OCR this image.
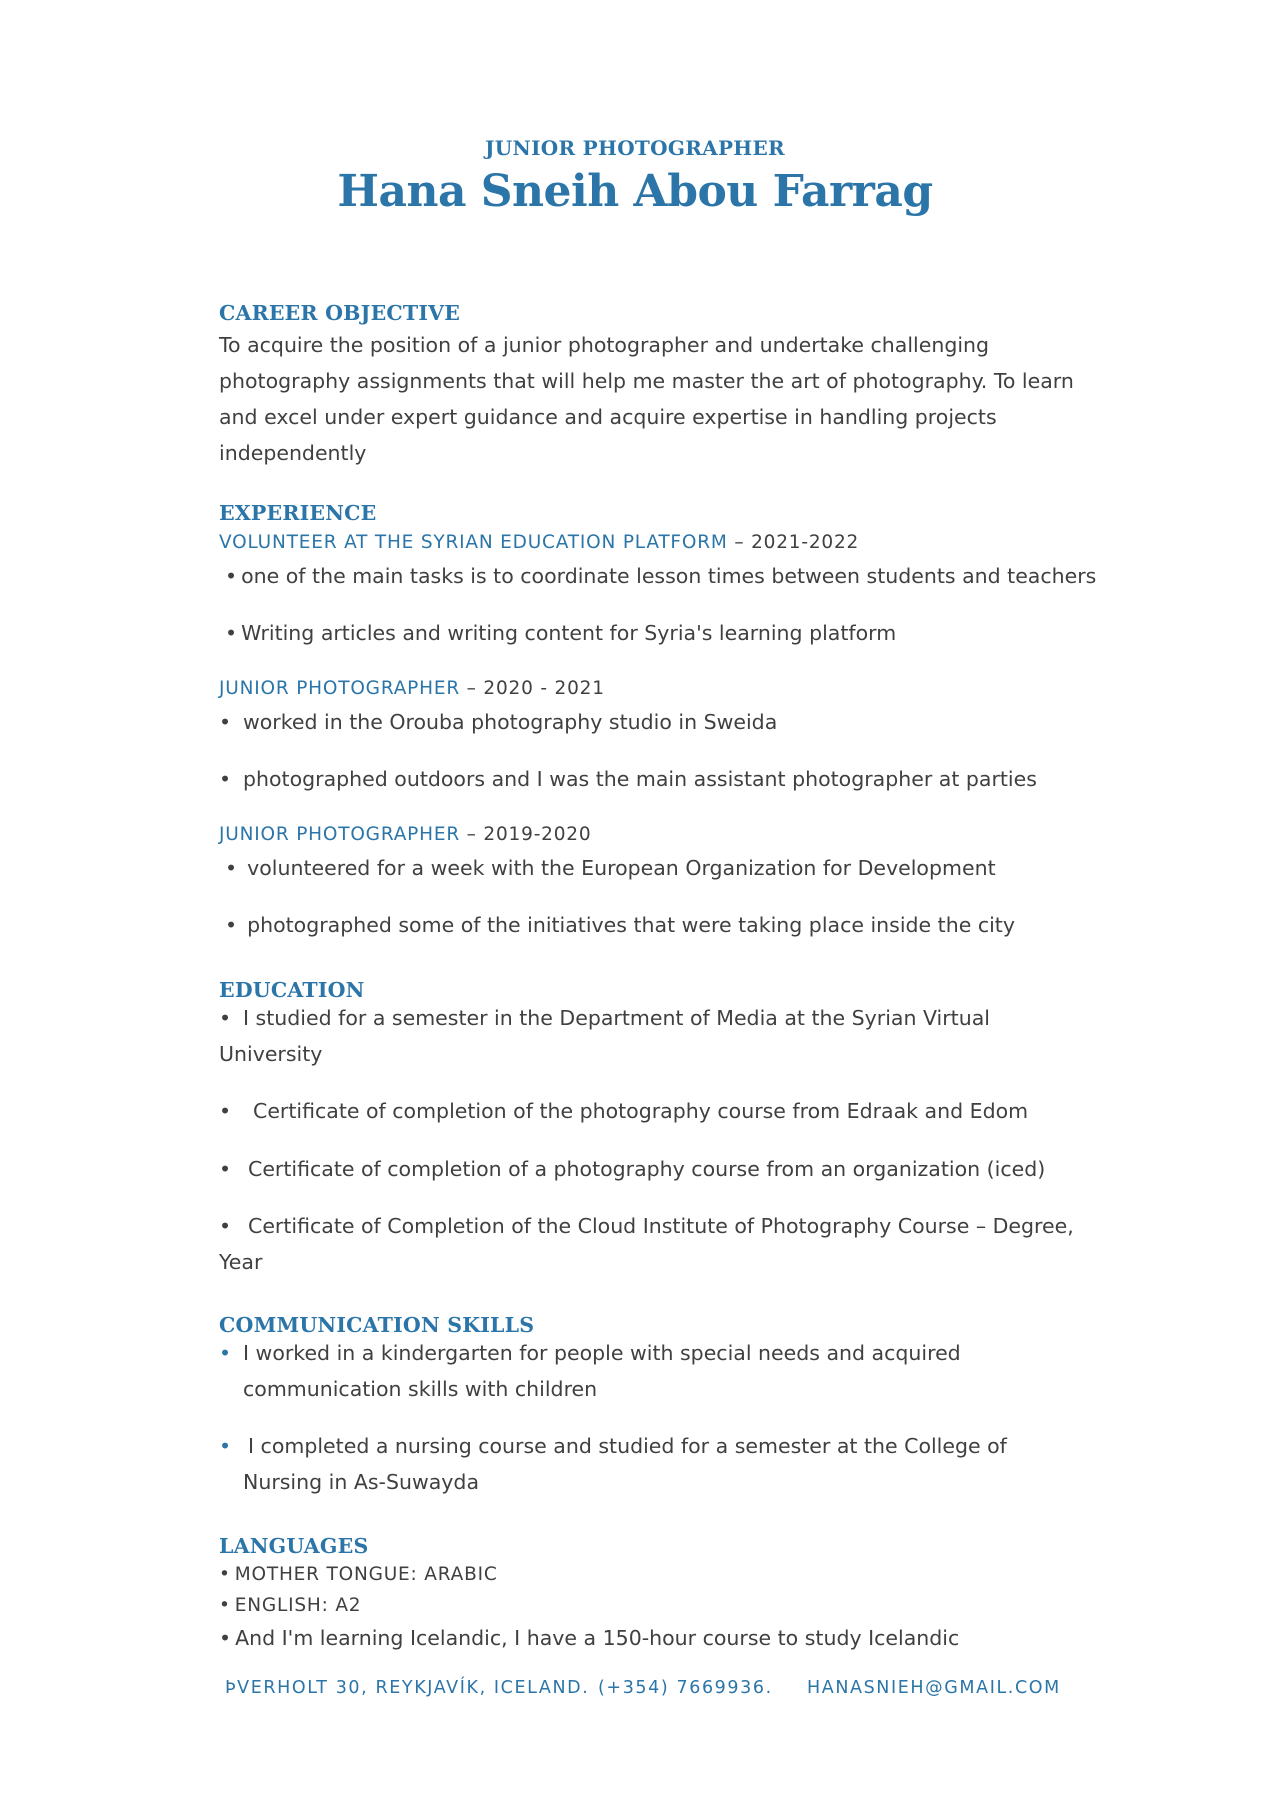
JUNIOR PHOTOGRAPHER
Hana Sneih Abou Farrag
CAREER OBJECTIVE
To acquire the position of a junior photographer and undertake challenging
photography assignments that will help me master the art of photography. To learn
and excel under expert guidance and acquire expertise in handling projects
independently
EXPERIENCE
VOLUNTEER AT THE SYRIAN EDUCATION PLATFORM – 2021-2022
• one of the main tasks is to coordinate lesson times between students and teachers
• Writing articles and writing content for Syria's learning platform
JUNIOR PHOTOGRAPHER – 2020 - 2021
• worked in the Orouba photography studio in Sweida
• photographed outdoors and I was the main assistant photographer at parties
JUNIOR PHOTOGRAPHER – 2019-2020
• volunteered for a week with the European Organization for Development
• photographed some of the initiatives that were taking place inside the city
EDUCATION
• I studied for a semester in the Department of Media at the Syrian Virtual
University
• Certificate of completion of the photography course from Edraak and Edom
• Certificate of completion of a photography course from an organization (iced)
• Certificate of Completion of the Cloud Institute of Photography Course – Degree,
Year
COMMUNICATION SKILLS
• I worked in a kindergarten for people with special needs and acquired
communication skills with children
• I completed a nursing course and studied for a semester at the College of
Nursing in As-Suwayda
LANGUAGES
• MOTHER TONGUE: ARABIC
• ENGLISH: A2
• And I'm learning Icelandic, I have a 150-hour course to study Icelandic
ÞVERHOLT 30, REYKJAVÍK, ICELAND. (+354) 7669936. HANASNIEH@GMAIL.COM
